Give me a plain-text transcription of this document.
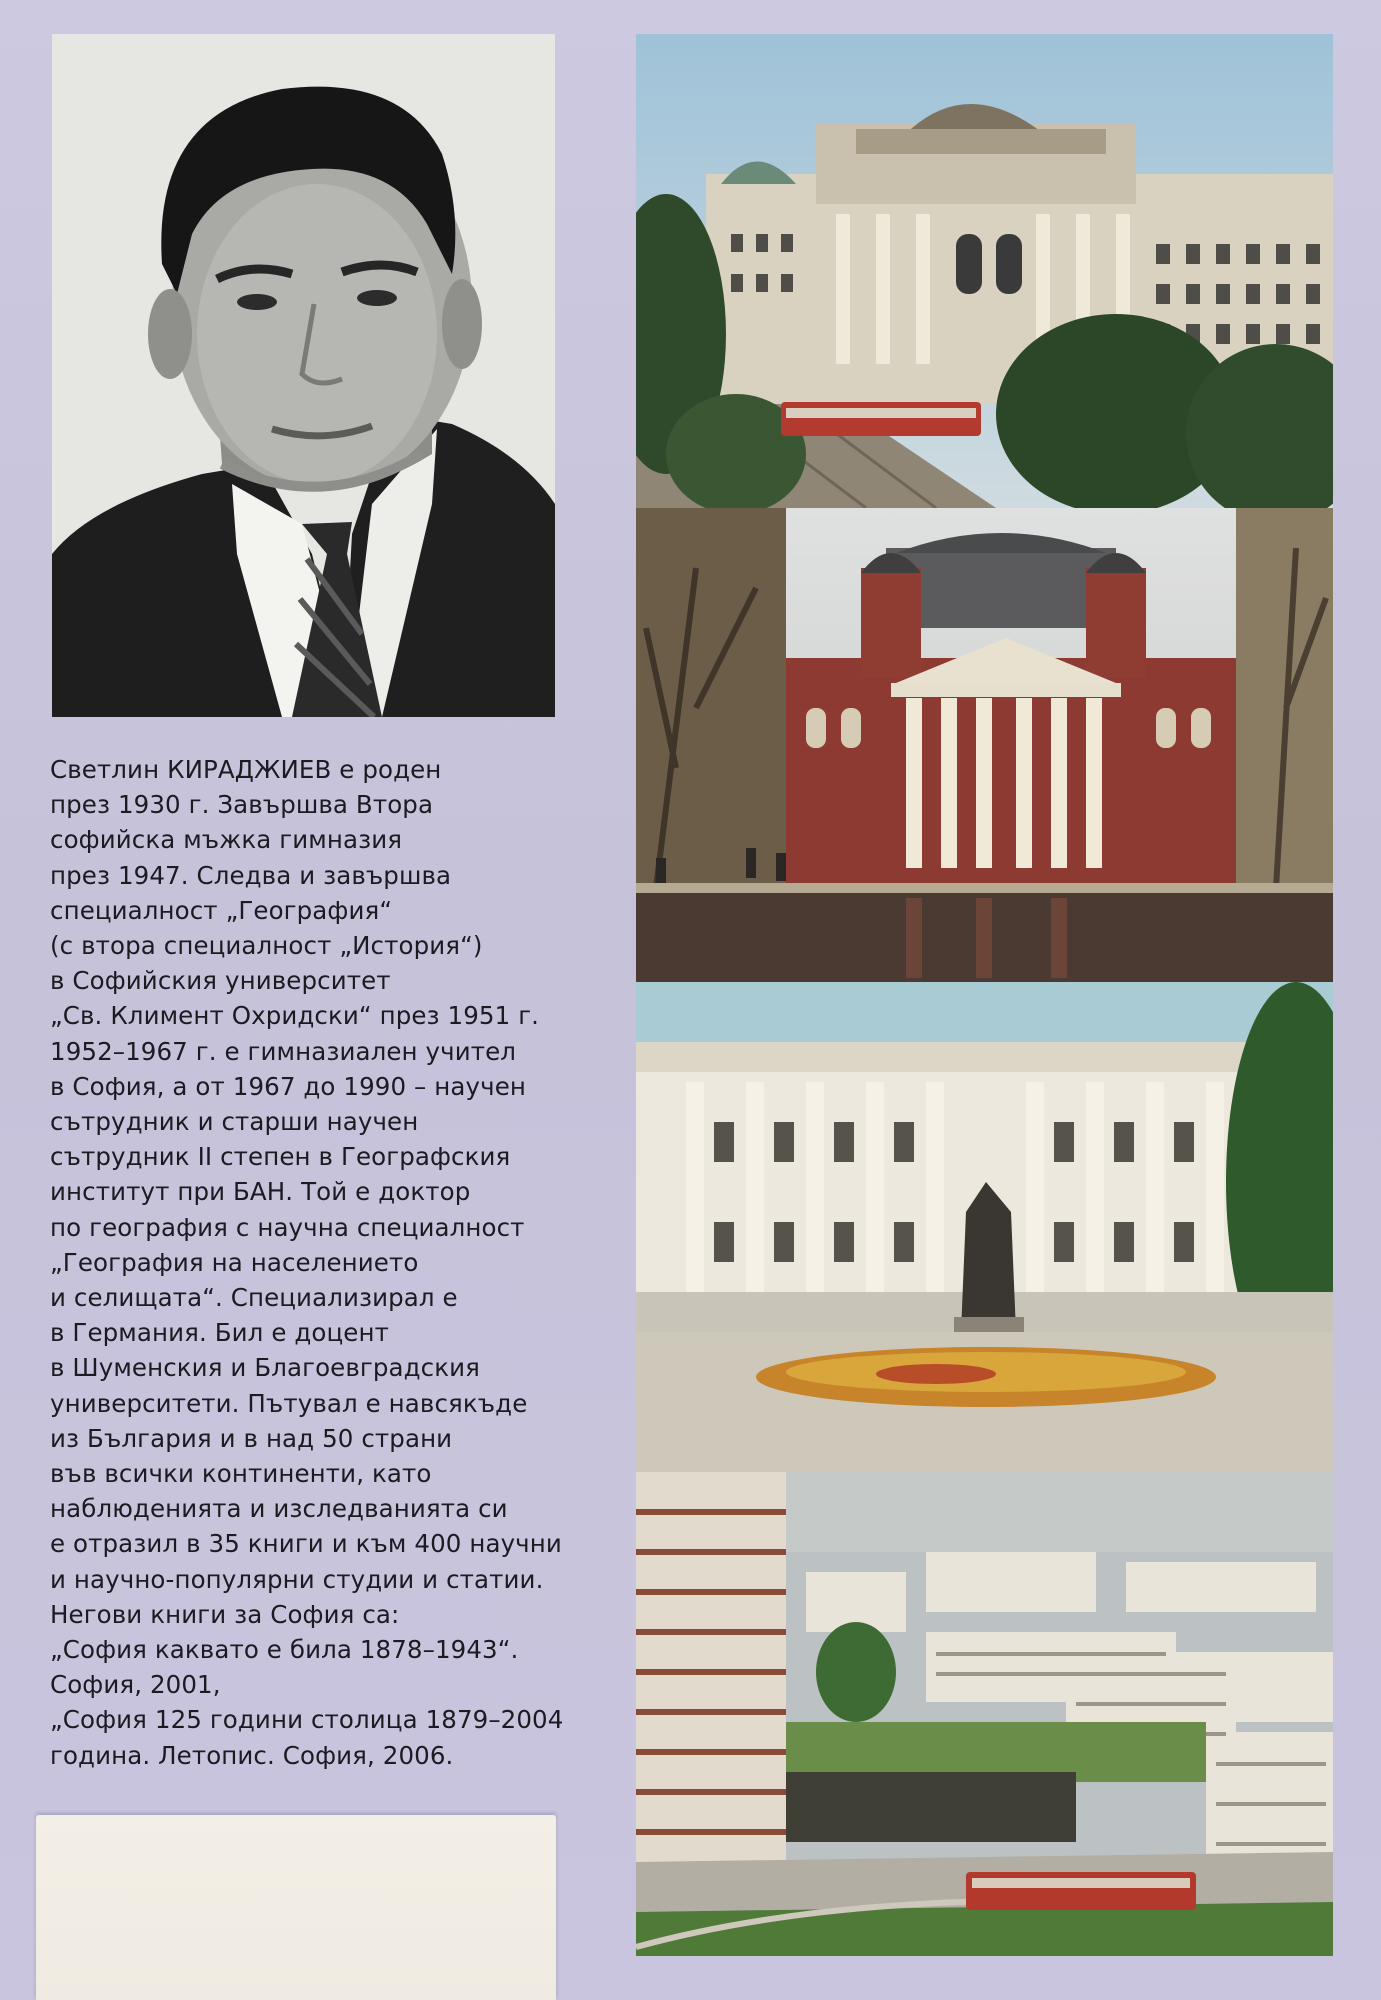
Светлин КИРАДЖИЕВ е роден
през 1930 г. Завършва Втора
софийска мъжка гимназия
през 1947. Следва и завършва
специалност „География“
(с втора специалност „История“)
в Софийския университет
„Св. Климент Охридски“ през 1951 г.
1952–1967 г. е гимназиален учител
в София, а от 1967 до 1990 – научен
сътрудник и старши научен
сътрудник II степен в Географския
институт при БАН. Той е доктор
по география с научна специалност
„География на населението
и селищата“. Специализирал е
в Германия. Бил е доцент
в Шуменския и Благоевградския
университети. Пътувал е навсякъде
из България и в над 50 страни
във всички континенти, като
наблюденията и изследванията си
е отразил в 35 книги и към 400 научни
и научно-популярни студии и статии.
Негови книги за София са:
„София каквато е била 1878–1943“.
София, 2001,
„София 125 години столица 1879–2004
година. Летопис. София, 2006.
